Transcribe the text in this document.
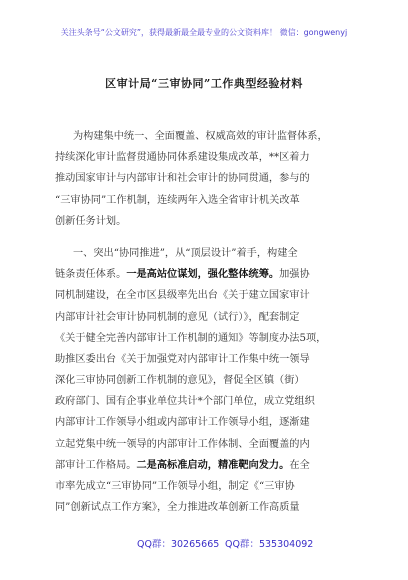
关注头条号“公文研究”，获得最新最全最专业的公文资料库！ 微信：gongwenyj
区审计局“三审协同”工作典型经验材料
为构建集中统一、全面覆盖、权威高效的审计监督体系，
持续深化审计监督贯通协同体系建设集成改革，**区着力
推动国家审计与内部审计和社会审计的协同贯通，参与的
“三审协同”工作机制，连续两年入选全省审计机关改革
创新任务计划。
一、突出“协同推进”，从“顶层设计”着手，构建全
链条责任体系。一是高站位谋划，强化整体统筹。加强协
同机制建设，在全市区县级率先出台《关于建立国家审计
内部审计社会审计协同机制的意见（试行）》，配套制定
《关于健全完善内部审计工作机制的通知》等制度办法5项，
助推区委出台《关于加强党对内部审计工作集中统一领导
深化三审协同创新工作机制的意见》，督促全区镇（街）
政府部门、国有企事业单位共计*个部门单位，成立党组织
内部审计工作领导小组或内部审计工作领导小组，逐渐建
立起党集中统一领导的内部审计工作体制、全面覆盖的内
部审计工作格局。二是高标准启动，精准靶向发力。在全
市率先成立“三审协同”工作领导小组，制定《“三审协
同”创新试点工作方案》，全力推进改革创新工作高质量
QQ群：30265665 QQ群：535304092
